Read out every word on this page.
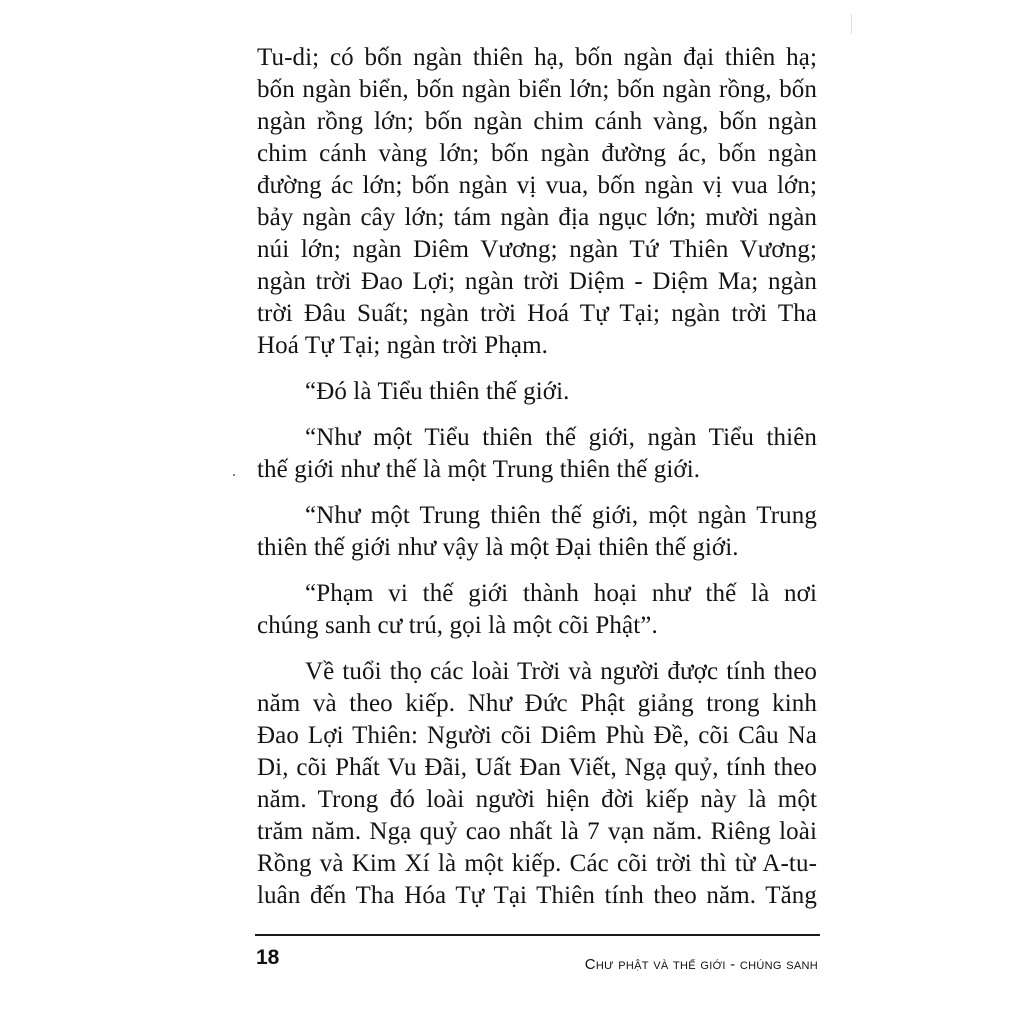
Tu-di; có bốn ngàn thiên hạ, bốn ngàn đại thiên hạ;
bốn ngàn biển, bốn ngàn biển lớn; bốn ngàn rồng, bốn
ngàn rồng lớn; bốn ngàn chim cánh vàng, bốn ngàn
chim cánh vàng lớn; bốn ngàn đường ác, bốn ngàn
đường ác lớn; bốn ngàn vị vua, bốn ngàn vị vua lớn;
bảy ngàn cây lớn; tám ngàn địa ngục lớn; mười ngàn
núi lớn; ngàn Diêm Vương; ngàn Tứ Thiên Vương;
ngàn trời Đao Lợi; ngàn trời Diệm - Diệm Ma; ngàn
trời Đâu Suất; ngàn trời Hoá Tự Tại; ngàn trời Tha
Hoá Tự Tại; ngàn trời Phạm.
“Đó là Tiểu thiên thế giới.
“Như một Tiểu thiên thế giới, ngàn Tiểu thiên
thế giới như thế là một Trung thiên thế giới.
“Như một Trung thiên thế giới, một ngàn Trung
thiên thế giới như vậy là một Đại thiên thế giới.
“Phạm vi thế giới thành hoại như thế là nơi
chúng sanh cư trú, gọi là một cõi Phật”.
Về tuổi thọ các loài Trời và người được tính theo
năm và theo kiếp. Như Đức Phật giảng trong kinh
Đao Lợi Thiên: Người cõi Diêm Phù Đề, cõi Câu Na
Di, cõi Phất Vu Đãi, Uất Đan Viết, Ngạ quỷ, tính theo
năm. Trong đó loài người hiện đời kiếp này là một
trăm năm. Ngạ quỷ cao nhất là 7 vạn năm. Riêng loài
Rồng và Kim Xí là một kiếp. Các cõi trời thì từ A-tu-
luân đến Tha Hóa Tự Tại Thiên tính theo năm. Tăng
18	Chư phật và thế giới - chúng sanh
